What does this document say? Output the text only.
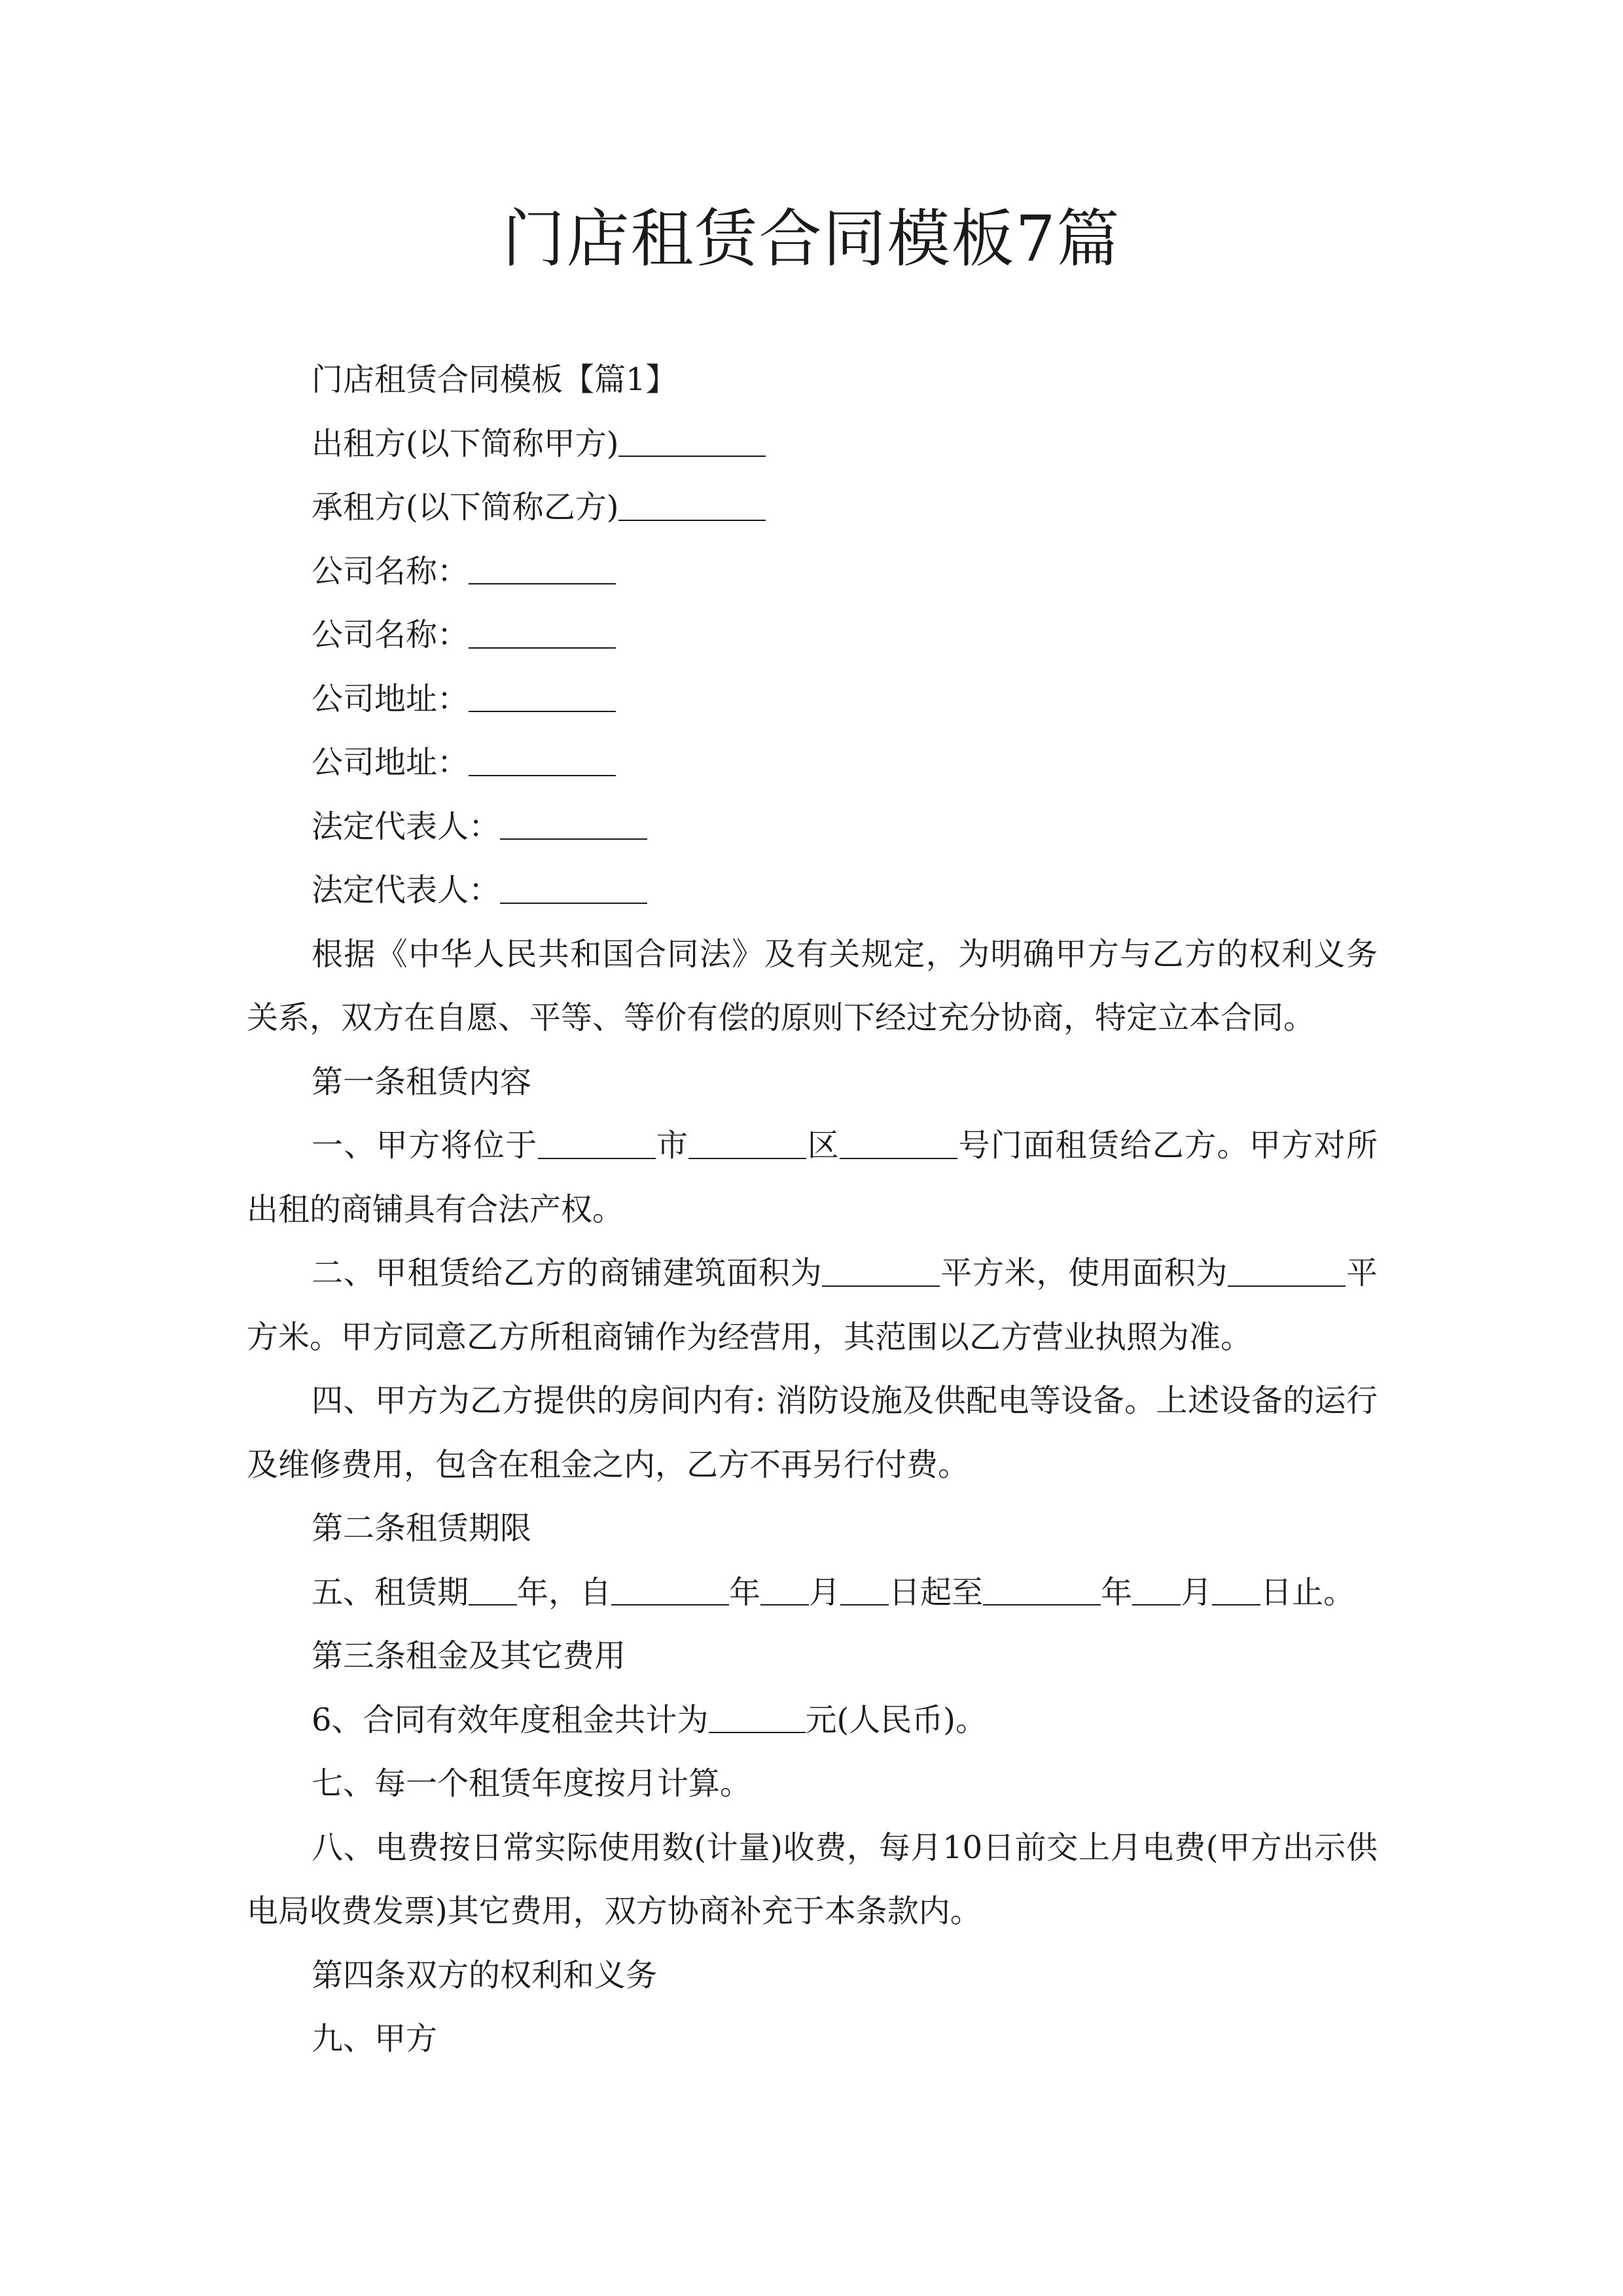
门店租赁合同模板7篇

门店租赁合同模板【篇1】

出租方(以下简称甲方)

承租方(以下简称乙方)

公司名称：

公司名称：

公司地址：

公司地址：

法定代表人：

法定代表人：

根据《中华人民共和国合同法》及有关规定，为明确甲方与乙方的权利义务关系，双方在自愿、平等、等价有偿的原则下经过充分协商，特定立本合同。

第一条租赁内容

一、甲方将位于	市	区	号门面租赁给乙方。甲方对所出租的商铺具有合法产权。

二、甲租赁给乙方的商铺建筑面积为	平方米，使用面积为	平方米。甲方同意乙方所租商铺作为经营用，其范围以乙方营业执照为准。

四、甲方为乙方提供的房间内有: 消防设施及供配电等设备。上述设备的运行及维修费用，包含在租金之内，乙方不再另行付费。

第二条租赁期限

五、租赁期 年，自	年 月 日起至	年 月 日止。

第三条租金及其它费用

6、合同有效年度租金共计为	元(人民币)。

七、每一个租赁年度按月计算。

八、电费按日常实际使用数(计量)收费，每月10日前交上月电费(甲方出示供电局收费发票)其它费用，双方协商补充于本条款内。

第四条双方的权利和义务

九、甲方
